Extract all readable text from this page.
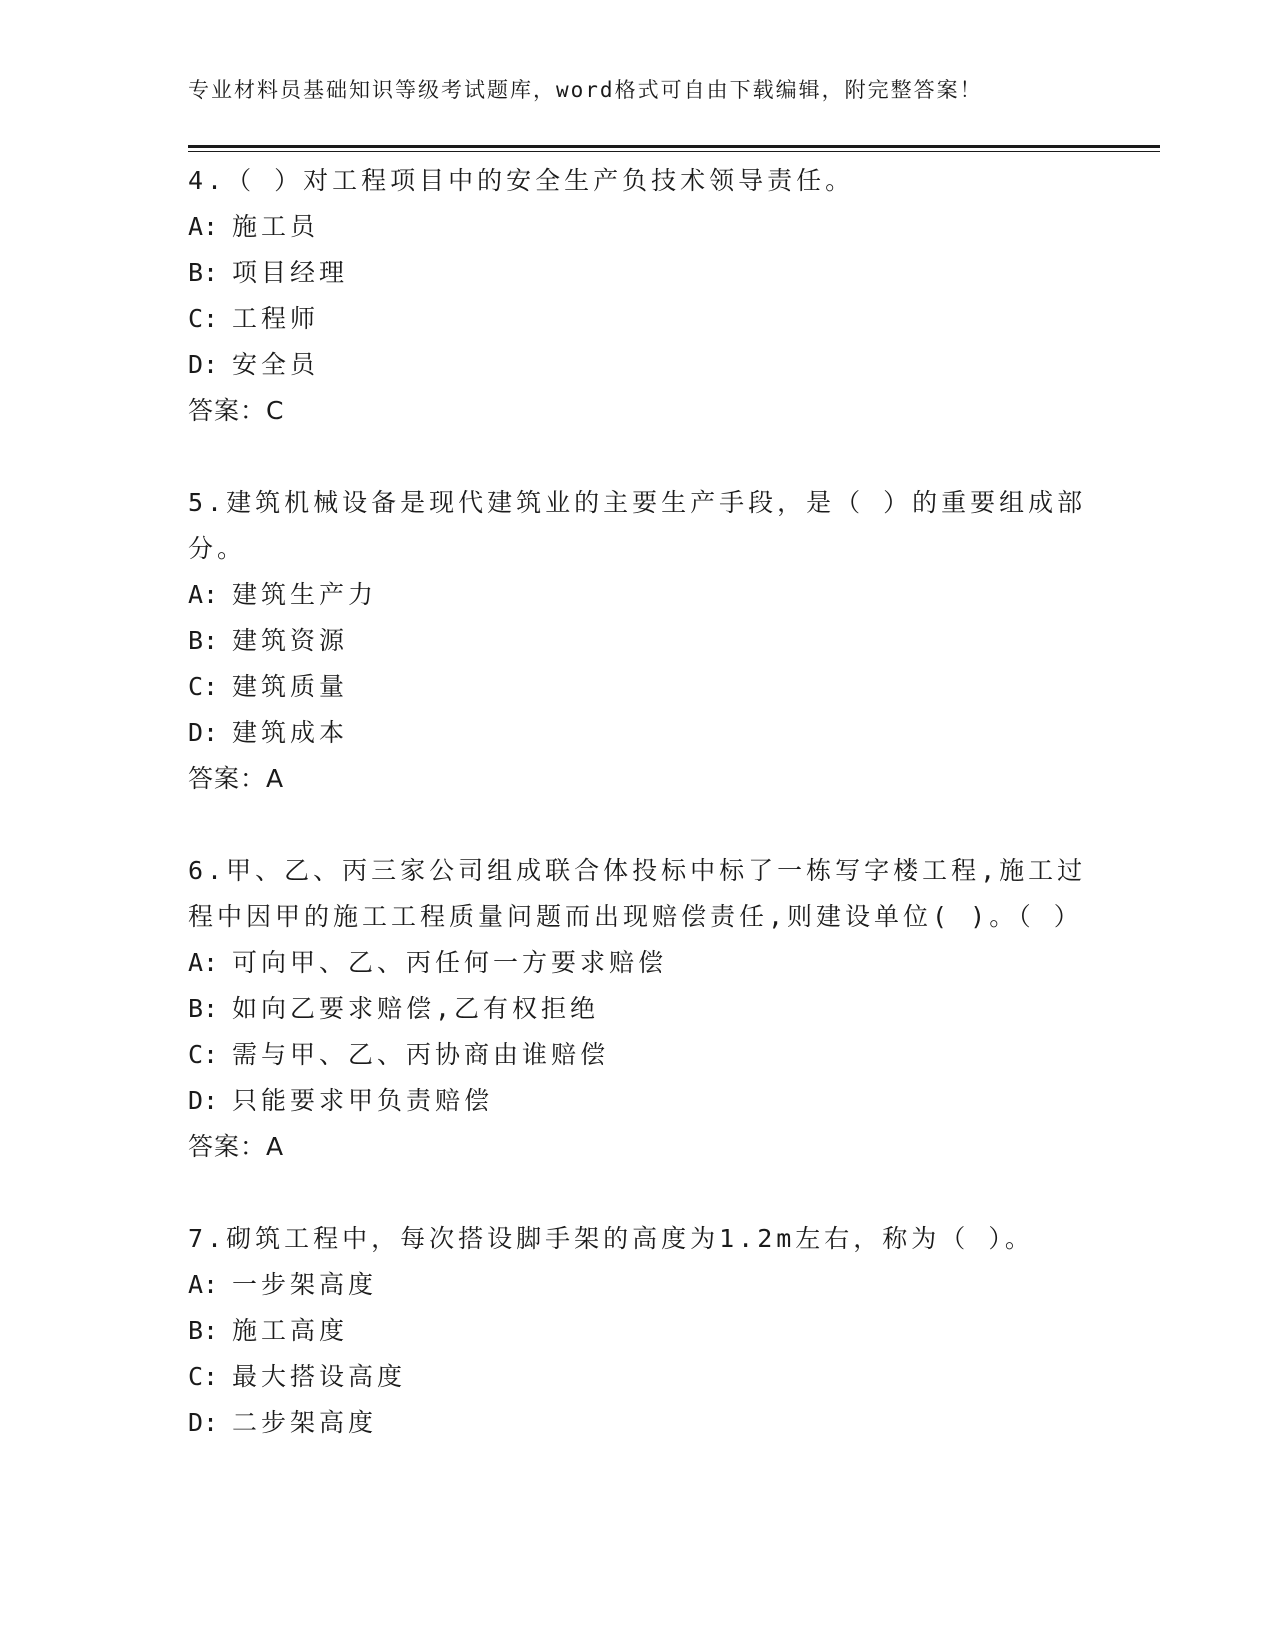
专业材料员基础知识等级考试题库，word格式可自由下载编辑，附完整答案！
4.（ ）对工程项目中的安全生产负技术领导责任。
A: 施工员
B: 项目经理
C: 工程师
D: 安全员
答案：C
5.建筑机械设备是现代建筑业的主要生产手段，是（ ）的重要组成部分。
A: 建筑生产力
B: 建筑资源
C: 建筑质量
D: 建筑成本
答案：A
6.甲、乙、丙三家公司组成联合体投标中标了一栋写字楼工程,施工过程中因甲的施工工程质量问题而出现赔偿责任,则建设单位( )。（ ）
A: 可向甲、乙、丙任何一方要求赔偿
B: 如向乙要求赔偿,乙有权拒绝
C: 需与甲、乙、丙协商由谁赔偿
D: 只能要求甲负责赔偿
答案：A
7.砌筑工程中，每次搭设脚手架的高度为1.2m左右，称为（ ）。
A: 一步架高度
B: 施工高度
C: 最大搭设高度
D: 二步架高度
